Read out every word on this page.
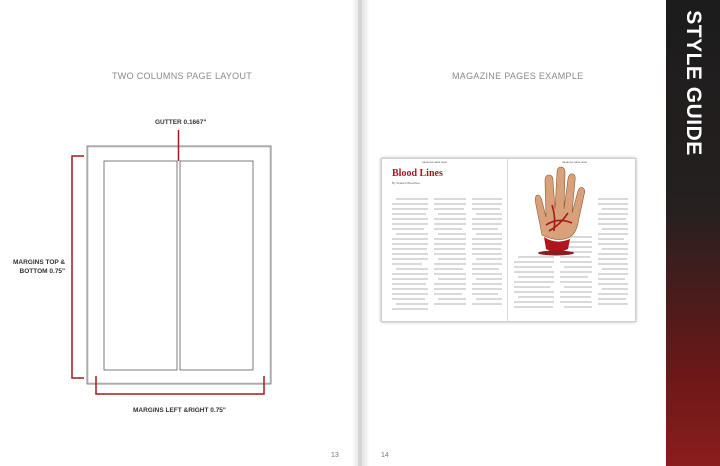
TWO COLUMNS PAGE LAYOUT	MAGAZINE PAGES EXAMPLE
GUTTER 0.1667"
MARGINS TOP &
BOTTOM 0.75"
MARGINS LEFT &RIGHT 0.75"
13	14
MAGAZINE NAME HERE	MAGAZINE NAME HERE
Blood Lines
By Scarlett Bloodhue
STYLE GUIDE
